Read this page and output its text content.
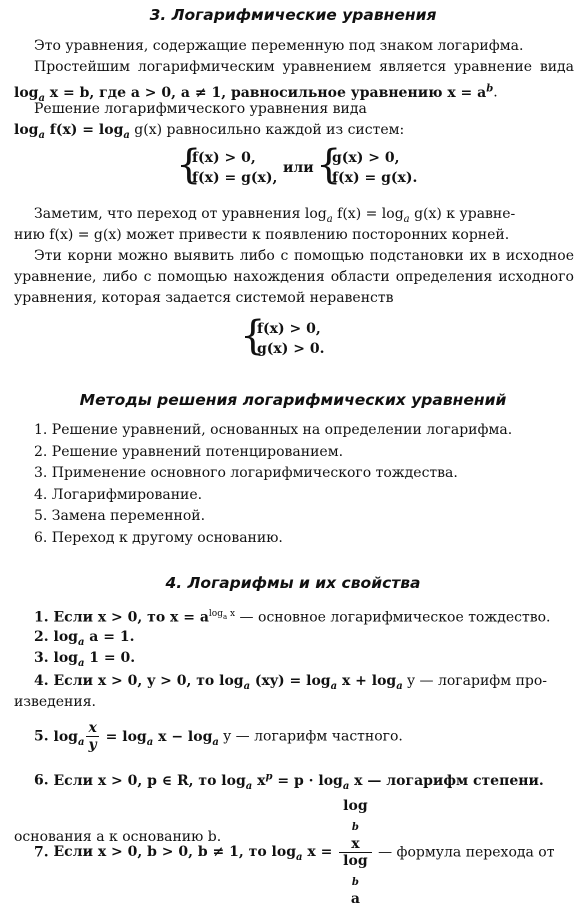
3. Логарифмические уравнения
Это уравнения, содержащие переменную под знаком логарифма.
Простейшим логарифмическим уравнением является уравнение вида $\log_a x = b$, где a > 0, a ≠ 1, равносильное уравнению $x = a^b$.
Решение логарифмического уравнения вида
$\log_a f(x) = \log_a g(x)$ равносильно каждой из систем:
{
f(x) > 0,
f(x) = g(x),
или {
g(x) > 0,
f(x) = g(x).
Заметим, что переход от уравнения $\log_a f(x) = \log_a g(x)$ к уравне-
нию f(x) = g(x) может привести к появлению посторонних корней.
Эти корни можно выявить либо с помощью подстановки их в исходное уравнение, либо с помощью нахождения области определения исходного уравнения, которая задается системой неравенств
{
f(x) > 0,
g(x) > 0.
Методы решения логарифмических уравнений
1. Решение уравнений, основанных на определении логарифма.
2. Решение уравнений потенцированием.
3. Применение основного логарифмического тождества.
4. Логарифмирование.
5. Замена переменной.
6. Переход к другому основанию.
4. Логарифмы и их свойства
1. Если x > 0, то $x = a^{log_a x}$ — основное логарифмическое тождество.
2. $\log_a a = 1$.
3. $\log_a 1 = 0$.
4. Если x > 0, y > 0, то $\log_a (xy) = \log_a x + \log_a y$ — логарифм про-
изведения.
5. $\log_a \frac{x}{y} = \log_a x - \log_a y$ — логарифм частного.
6. Если x > 0, p ∈ R, то $\log_a x^p = p \cdot \log_a x$ — логарифм степени.
7. Если x > 0, b > 0, b ≠ 1, то $\log_a x = \log$
$_b$
x
log
$_b$
a — формула перехода от
основания a к основанию b.
